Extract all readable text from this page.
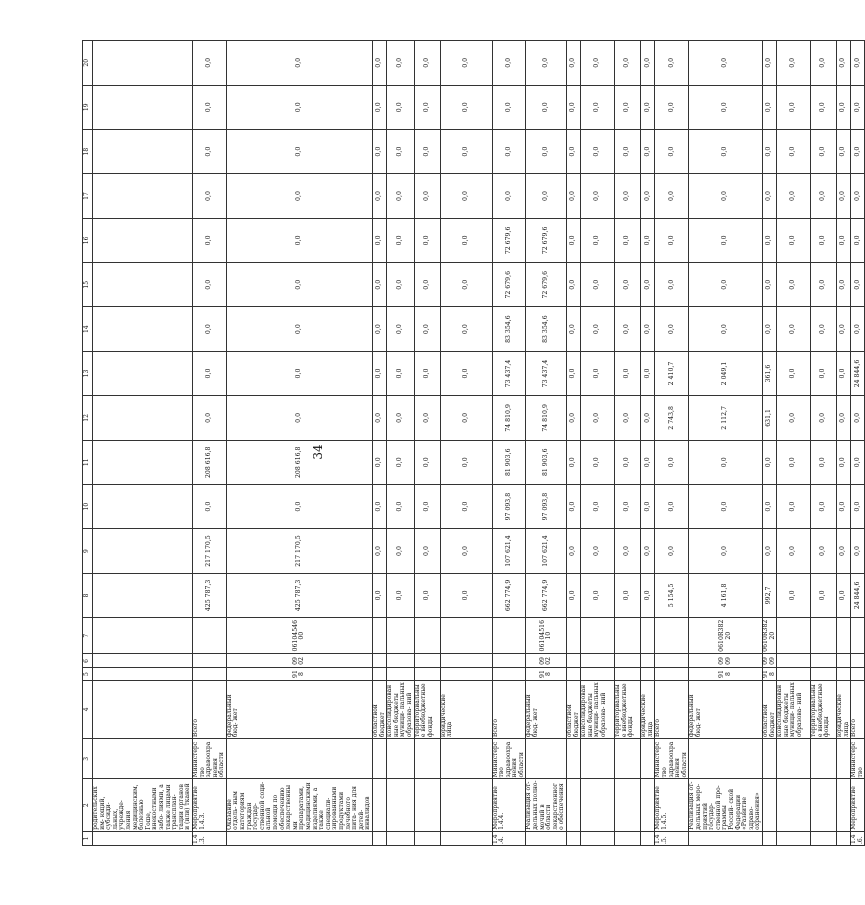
34
1	2	3	4	5	6	7	8	9	10	11	12	13	14	15	16	17	18	19	20
	родительских им- ющий, субсиди- льных, учрежде- ления медицинским, болезнью Гоше, внекостными забо- лиями, а также лицами трансплан- тации органов и (или) тканей																		
1.4.3.	Мероприятие 1.4.3.	Министерство здравоохранения области	Всего				425 787,3	217 170,5	0,0	208 616,8	0,0	0,0	0,0	0,0	0,0	0,0	0,0	0,0	0,0
	Оказание отдель- ным категориям граждан государ- ственной соци- альной помощи по обеспечению лекарственными препаратами, медицинскими изделиями, а также специали- зированными продуктами лечебного пита- ния для детей- инвалидов		федеральный бюд- жет	918	0902	0610454600	425 787,3	217 170,5	0,0	208 616,8	0,0	0,0	0,0	0,0	0,0	0,0	0,0	0,0	0,0
			областной бюджет				0,0	0,0	0,0	0,0	0,0	0,0	0,0	0,0	0,0	0,0	0,0	0,0	0,0
			консолидированные бюджеты муници- пальных образова- ний				0,0	0,0	0,0	0,0	0,0	0,0	0,0	0,0	0,0	0,0	0,0	0,0	0,0
			территориальные внебюджетные фонды				0,0	0,0	0,0	0,0	0,0	0,0	0,0	0,0	0,0	0,0	0,0	0,0	0,0
			юридические лица				0,0	0,0	0,0	0,0	0,0	0,0	0,0	0,0	0,0	0,0	0,0	0,0	0,0
1.4.4.	Мероприятие 1.4.4.	Министерство здравоохранения области	Всего				662 774,9	107 621,4	97 093,8	81 903,6	74 810,9	73 437,4	83 354,6	72 679,6	72 679,6	0,0	0,0	0,0	0,0
	Реализация от- дельных полно- мочий в области лекарственного обеспечения		федеральный бюд- жет	918	0902	0610451610	662 774,9	107 621,4	97 093,8	81 903,6	74 810,9	73 437,4	83 354,6	72 679,6	72 679,6	0,0	0,0	0,0	0,0
			областной бюджет				0,0	0,0	0,0	0,0	0,0	0,0	0,0	0,0	0,0	0,0	0,0	0,0	0,0
			консолидированные бюджеты муници- пальных образова- ний				0,0	0,0	0,0	0,0	0,0	0,0	0,0	0,0	0,0	0,0	0,0	0,0	0,0
			территориальные внебюджетные фонды				0,0	0,0	0,0	0,0	0,0	0,0	0,0	0,0	0,0	0,0	0,0	0,0	0,0
			юридические лица				0,0	0,0	0,0	0,0	0,0	0,0	0,0	0,0	0,0	0,0	0,0	0,0	0,0
1.4.5.	Мероприятие 1.4.5.	Министерство здравоохранения области	Всего				5 154,5	0,0	0,0	0,0	2 743,8	2 410,7	0,0	0,0	0,0	0,0	0,0	0,0	0,0
	Реализация от- дельных меро- приятий государ- ственной про- граммы Россий- ской Федерации «Развитие здраво- охранения»		федеральный бюд- жет	918	0909	0610R38220	4 161,8	0,0	0,0	0,0	2 112,7	2 049,1	0,0	0,0	0,0	0,0	0,0	0,0	0,0
			областной бюджет	918	0909	0610R38220	992,7	0,0	0,0	0,0	631,1	361,6	0,0	0,0	0,0	0,0	0,0	0,0	0,0
			консолидированные бюджеты муници- пальных образова- ний				0,0	0,0	0,0	0,0	0,0	0,0	0,0	0,0	0,0	0,0	0,0	0,0	0,0
			территориальные внебюджетные фонды				0,0	0,0	0,0	0,0	0,0	0,0	0,0	0,0	0,0	0,0	0,0	0,0	0,0
			юридические лица				0,0	0,0	0,0	0,0	0,0	0,0	0,0	0,0	0,0	0,0	0,0	0,0	0,0
1.4.6.	Мероприятие	Министерство	Всего				24 844,6	0,0	0,0	0,0	0,0	24 844,6	0,0	0,0	0,0	0,0	0,0	0,0	0,0
